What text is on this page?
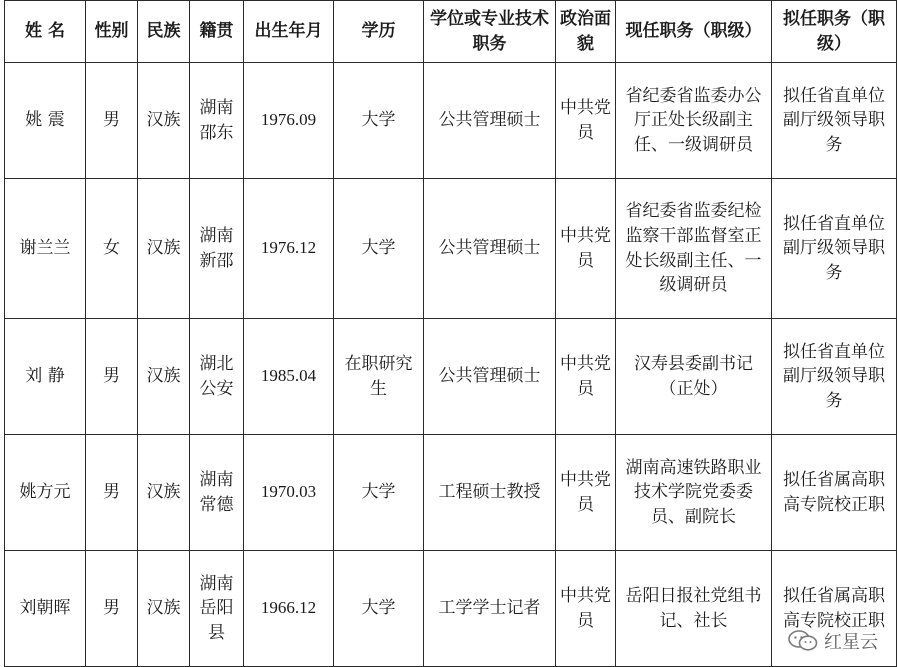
姓 名	性别	民族	籍贯	出生年月	学历	学位或专业技术职务	政治面貌	现任职务（职级）	拟任职务（职级）
姚 震	男	汉族	湖南邵东	1976.09	大学	公共管理硕士	中共党员	省纪委省监委办公厅正处长级副主任、一级调研员	拟任省直单位副厅级领导职务
谢兰兰	女	汉族	湖南新邵	1976.12	大学	公共管理硕士	中共党员	省纪委省监委纪检监察干部监督室正处长级副主任、一级调研员	拟任省直单位副厅级领导职务
刘 静	男	汉族	湖北公安	1985.04	在职研究生	公共管理硕士	中共党员	汉寿县委副书记（正处）	拟任省直单位副厅级领导职务
姚方元	男	汉族	湖南常德	1970.03	大学	工程硕士教授	中共党员	湖南高速铁路职业技术学院党委委员、副院长	拟任省属高职高专院校正职
刘朝晖	男	汉族	湖南岳阳县	1966.12	大学	工学学士记者	中共党员	岳阳日报社党组书记、社长	拟任省属高职高专院校正职
红星云
